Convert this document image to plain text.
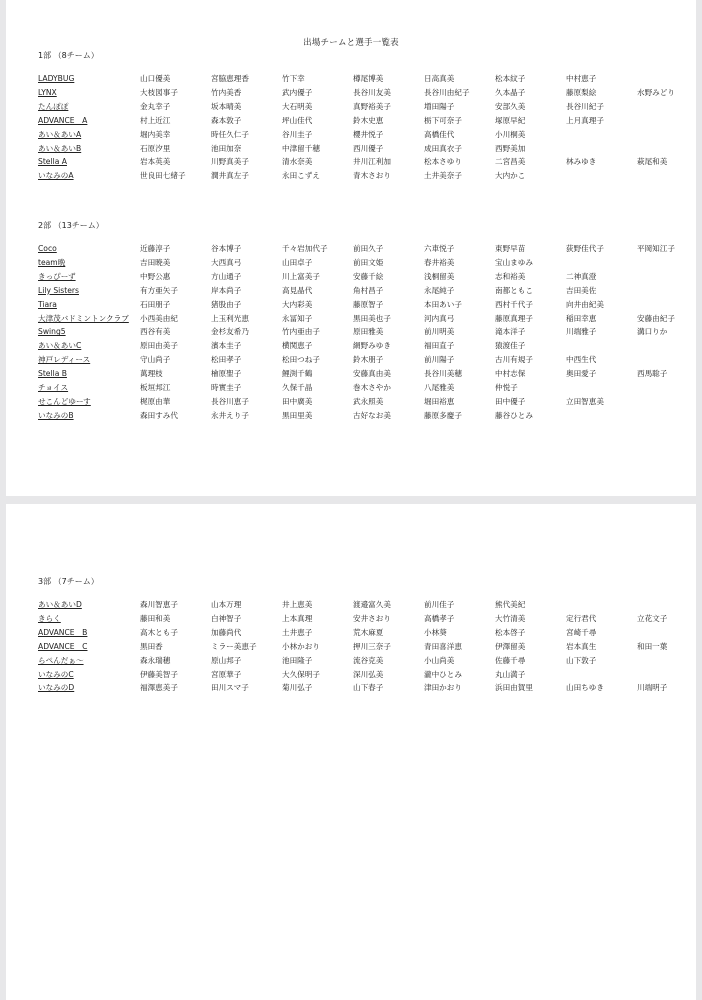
出場チームと選手一覧表
1部 （8チーム）
2部 （13チーム）
LADYBUG	山口優美	宮脇恵理香	竹下幸	樽尾博美	日高真美	松本紋子	中村恵子
LYNX	大枝図事子	竹内美香	武内優子	長谷川友美	長谷川由紀子	久本晶子	藤原梨絵	水野みどり
たんぽぽ	金丸幸子	坂本晴美	大石明美	真野裕美子	増田陽子	安部久美	長谷川紀子
ADVANCE　A	村上近江	森本敦子	坪山佳代	鈴木史恵	栃下可奈子	塚原早紀	上月真理子
あい＆あいA	堀内美幸	時任久仁子	谷川圭子	櫻井悦子	高橋佳代	小川桐美
あい＆あいB	石原汐里	池田加奈	中津留千穂	西川優子	成田真衣子	西野美加
Stella A	岩本英美	川野真美子	清水奈美	井川江利加	松本さゆり	二宮昌美	林みゆき	萩尾和美
いなみのA	世良田七緒子	潤井真左子	永田こずえ	青木さおり	土井美奈子	大内かこ
Coco	近藤淳子	谷本博子	千々岩加代子	前田久子	六車悦子	東野早苗	荻野佳代子	平岡知江子
team晩	吉田暁美	大西真弓	山田卓子	前田文姫	春井裕美	宝山まゆみ
きっぴーず	中野公惠	方山通子	川上富美子	安藤千絵	浅桐留美	志和裕美	二神真澄
Lily Sisters	有方亜矢子	岸本尚子	高見晶代	角村昌子	永尾純子	南都ともこ	吉田美佐
Tiara	石田朋子	猪股由子	大内彩美	藤原智子	本田あい子	西村千代子	向井由紀美
大津茂バドミントンクラブ 小西美由紀	上玉利光恵	永冨知子	黒田美也子	河内真弓	藤原真理子	稲田幸恵	安藤由紀子
Swing5	西谷有美	金杉友希乃	竹内亜由子	原田雅美	前川明美	滝本洋子	川端雅子	溝口りか
あい＆あいC	原田由美子	濱本圭子	横関恵子	網野みゆき	福田直子	猿渡佳子
神戸レディース	守山尚子	松田孝子	松田つね子	鈴木朋子	前川陽子	古川有規子	中西生代
Stella B	萬理枝	檜原聖子	鯉渕千鶴	安藤真由美	長谷川美穂	中村志保	奥田愛子	西馬聡子
チョイス	板垣邦江	時實圭子	久保千晶	巻木さやか	八尾雅美	仲悦子
せこんどゆーす	梶原由華	長谷川恵子	田中廣美	武永照美	堀田裕恵	田中優子	立田智恵美
いなみのB	森田すみ代	永井えり子	黒田里美	古好なお美	藤原多慶子	藤谷ひとみ
3部 （7チーム）
あい＆あいD	森川智恵子	山本万理	井上恵美	渡邉富久美	前川佳子	熊代美紀
きらく	藤田和美	白神智子	上本真理	安井さおり	高橋孝子	大竹清美	定行君代	立花文子
ADVANCE　B	高木とも子	加藤尚代	土井恵子	荒木麻夏	小林葵	松本啓子	宮崎千尋
ADVANCE　C	黒田香	ミラー美恵子	小林かおり	押川三奈子	青田喜洋恵	伊澤留美	岩本真生	和田一葉
らぺんだぁ～	森永瑞穂	原山邦子	池田隆子	流谷克美	小山尚美	佐藤千尋	山下敦子
いなみのC	伊藤美智子	宮原華子	大久保明子	深川弘美	瀧中ひとみ	丸山満子
いなみのD	福澤恵美子	田川スマ子	菊川弘子	山下春子	津田かおり	浜田由賀里	山田ちゆき	川端明子
